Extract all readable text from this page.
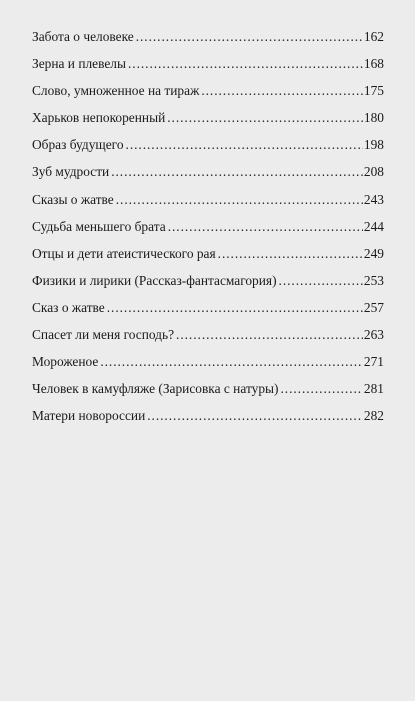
Забота о человеке . . .	162
Зерна и плевелы . . .	168
Слово, умноженное на тираж . . .	175
Харьков непокоренный . . .	180
Образ будущего . . .	198
Зуб мудрости . . .	208
Сказы о жатве . . .	243
Судьба меньшего брата . . .	244
Отцы и дети атеистического рая . . .	249
Физики и лирики (Рассказ-фантасмагория) . . .	253
Сказ о жатве . . .	257
Спасет ли меня господь? . . .	263
Мороженое . . .	271
Человек в камуфляже (Зарисовка с натуры) . . .	281
Матери новороссии . . .	282
